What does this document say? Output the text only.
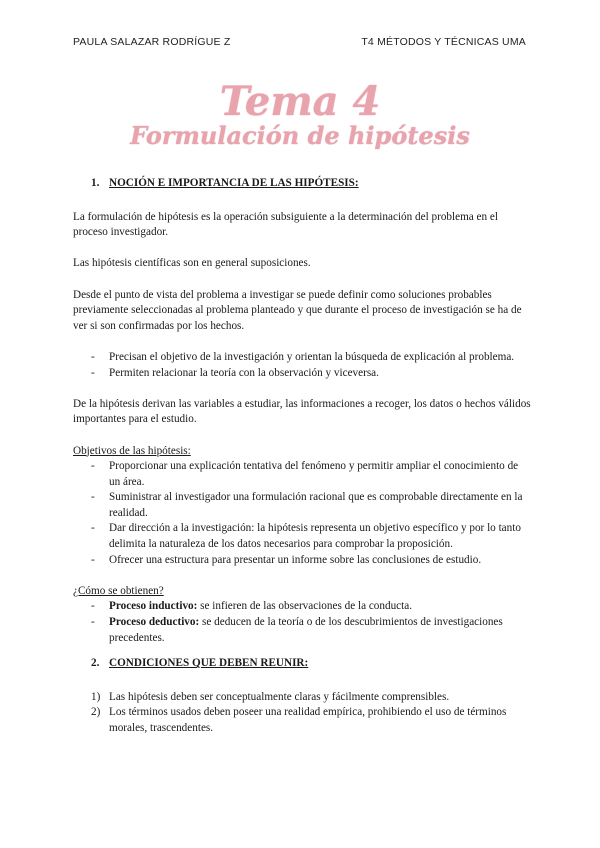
PAULA SALAZAR RODRÍGUE Z	T4 MÉTODOS Y TÉCNICAS UMA
Tema 4
Formulación de hipótesis
1. NOCIÓN E IMPORTANCIA DE LAS HIPÓTESIS:

La formulación de hipótesis es la operación subsiguiente a la determinación del problema en el proceso investigador.

Las hipótesis científicas son en general suposiciones.

Desde el punto de vista del problema a investigar se puede definir como soluciones probables previamente seleccionadas al problema planteado y que durante el proceso de investigación se ha de ver si son confirmadas por los hechos.

- Precisan el objetivo de la investigación y orientan la búsqueda de explicación al problema.
- Permiten relacionar la teoría con la observación y viceversa.

De la hipótesis derivan las variables a estudiar, las informaciones a recoger, los datos o hechos válidos importantes para el estudio.

Objetivos de las hipótesis:
- Proporcionar una explicación tentativa del fenómeno y permitir ampliar el conocimiento de un área.
- Suministrar al investigador una formulación racional que es comprobable directamente en la realidad.
- Dar dirección a la investigación: la hipótesis representa un objetivo específico y por lo tanto delimita la naturaleza de los datos necesarios para comprobar la proposición.
- Ofrecer una estructura para presentar un informe sobre las conclusiones de estudio.
¿Cómo se obtienen?
- Proceso inductivo: se infieren de las observaciones de la conducta.
- Proceso deductivo: se deducen de la teoría o de los descubrimientos de investigaciones precedentes.
2. CONDICIONES QUE DEBEN REUNIR:
1) Las hipótesis deben ser conceptualmente claras y fácilmente comprensibles.
2) Los términos usados deben poseer una realidad empírica, prohibiendo el uso de términos morales, trascendentes.
